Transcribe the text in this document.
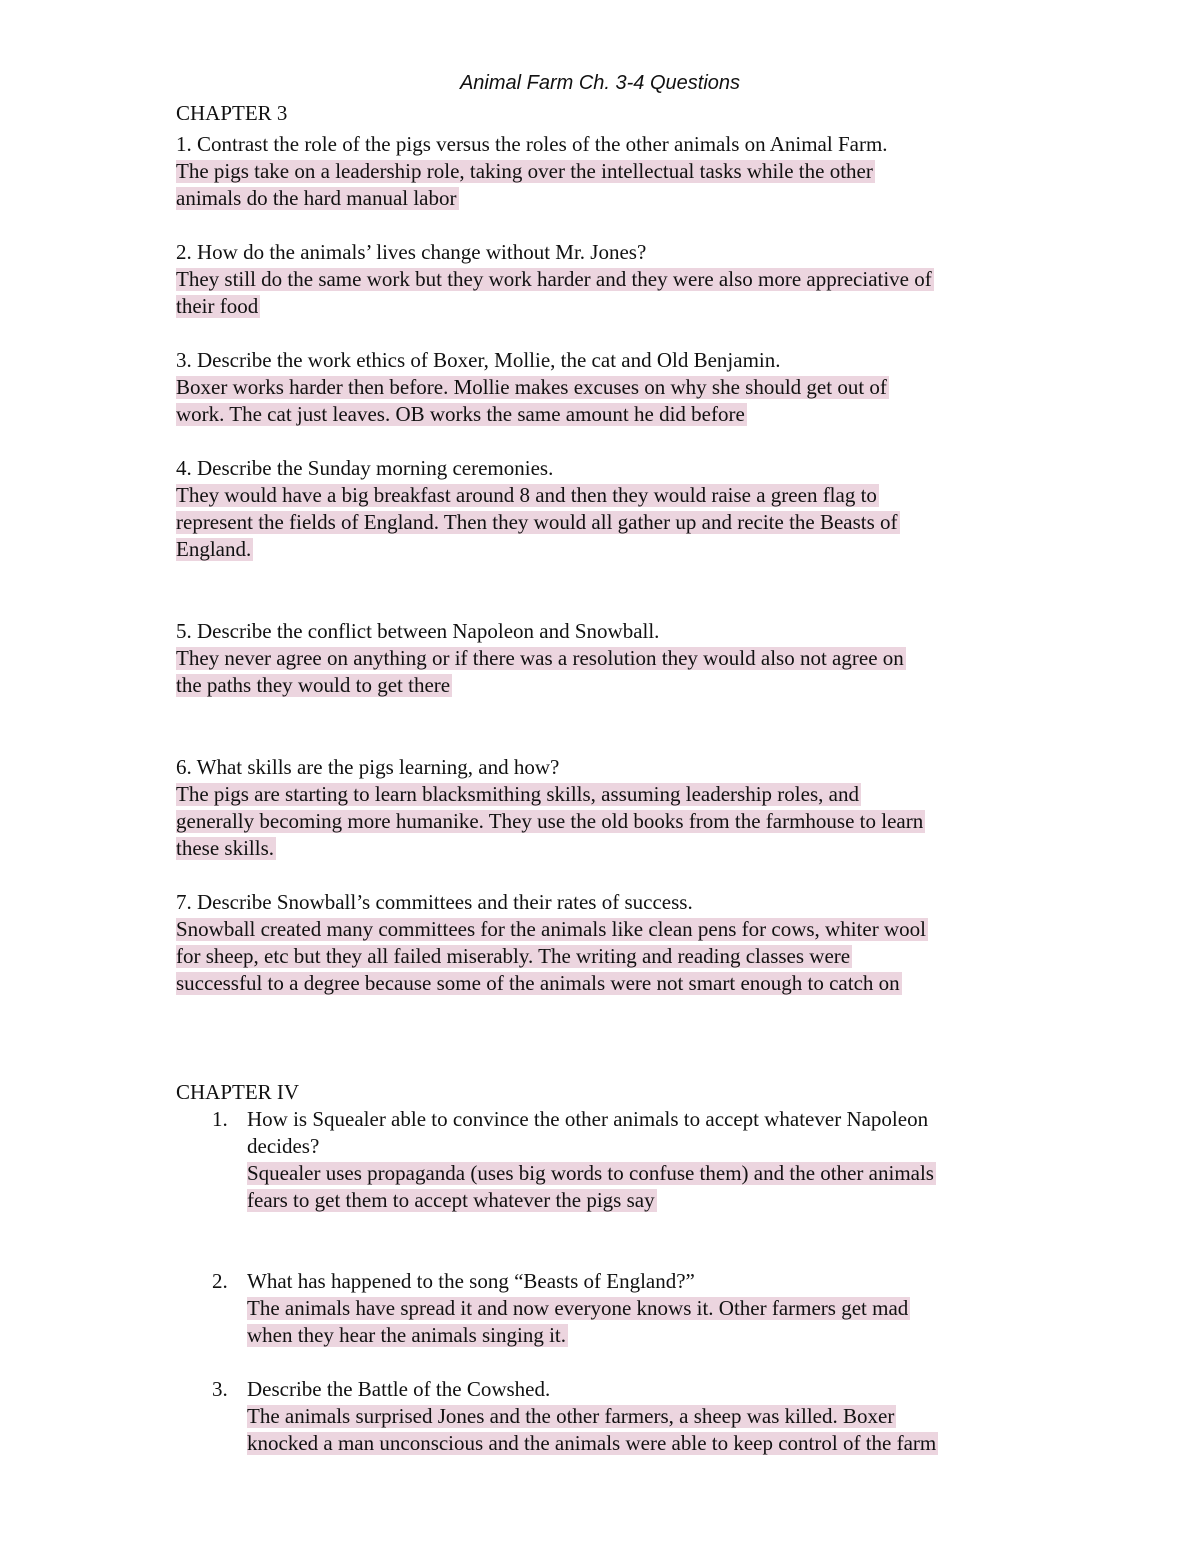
Animal Farm Ch. 3-4 Questions
CHAPTER 3
1. Contrast the role of the pigs versus the roles of the other animals on Animal Farm.
The pigs take on a leadership role, taking over the intellectual tasks while the other
animals do the hard manual labor
2. How do the animals’ lives change without Mr. Jones?
They still do the same work but they work harder and they were also more appreciative of
their food
3. Describe the work ethics of Boxer, Mollie, the cat and Old Benjamin.
Boxer works harder then before. Mollie makes excuses on why she should get out of
work. The cat just leaves. OB works the same amount he did before
4. Describe the Sunday morning ceremonies.
They would have a big breakfast around 8 and then they would raise a green flag to
represent the fields of England. Then they would all gather up and recite the Beasts of
England.
5. Describe the conflict between Napoleon and Snowball.
They never agree on anything or if there was a resolution they would also not agree on
the paths they would to get there
6. What skills are the pigs learning, and how?
The pigs are starting to learn blacksmithing skills, assuming leadership roles, and
generally becoming more humanike. They use the old books from the farmhouse to learn
these skills.
7. Describe Snowball’s committees and their rates of success.
Snowball created many committees for the animals like clean pens for cows, whiter wool
for sheep, etc but they all failed miserably. The writing and reading classes were
successful to a degree because some of the animals were not smart enough to catch on
CHAPTER IV
1. How is Squealer able to convince the other animals to accept whatever Napoleon
decides?
Squealer uses propaganda (uses big words to confuse them) and the other animals
fears to get them to accept whatever the pigs say
2. What has happened to the song “Beasts of England?”
The animals have spread it and now everyone knows it. Other farmers get mad
when they hear the animals singing it.
3. Describe the Battle of the Cowshed.
The animals surprised Jones and the other farmers, a sheep was killed. Boxer
knocked a man unconscious and the animals were able to keep control of the farm
